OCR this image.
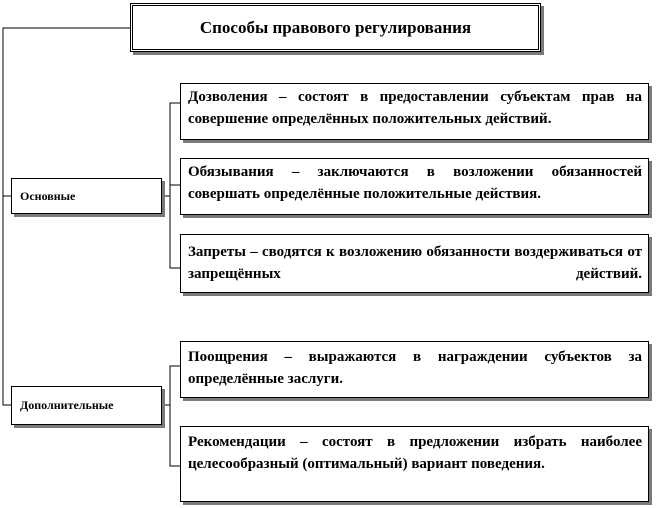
Способы правового регулирования
Основные
Дополнительные
Дозволения – состоят в предоставлении субъектам прав на совершение определённых положительных действий.
Обязывания – заключаются в возложении обязанностей совершать определённые положительные действия.
Запреты – сводятся к возложению обязанности воздерживаться от запрещённых действий.
Поощрения – выражаются в награждении субъектов за определённые заслуги.
Рекомендации – состоят в предложении избрать наиболее целесообразный (оптимальный) вариант поведения.
